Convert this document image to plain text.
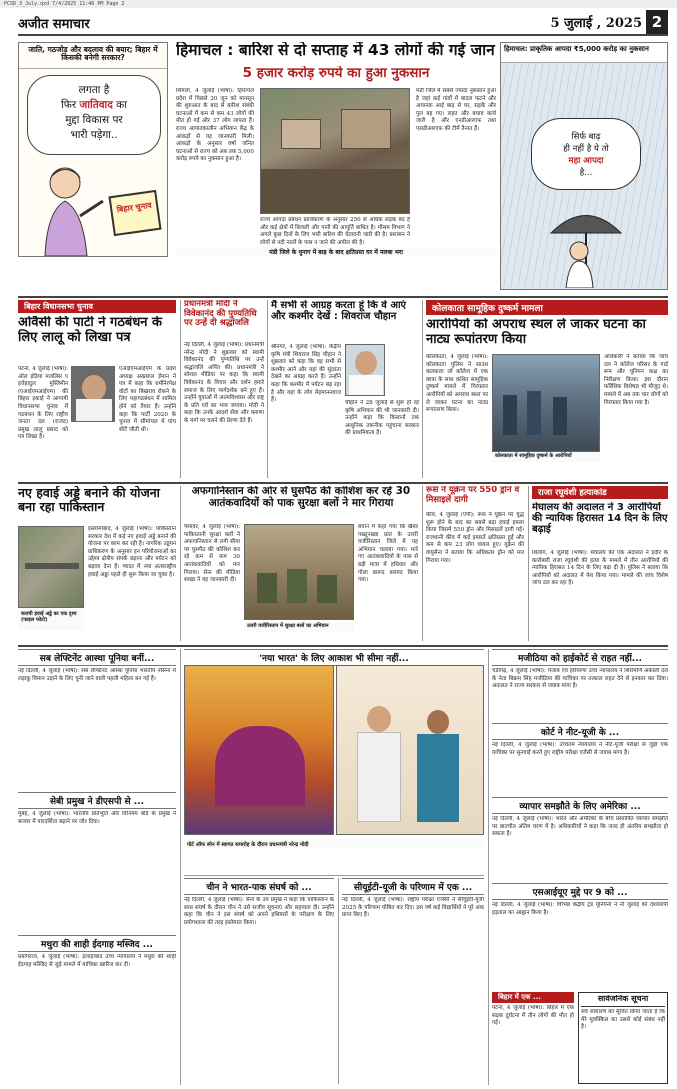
PCSD_3_July.qxd 7/4/2025 11:46 PM Page 2
अजीत समाचार	5 जुलाई , 2025 2
जाति, गठजोड़ और बदलाव की बयार; बिहार में किसकी बनेगी सरकार?
लगता है
फिर जातिवाद का
मुद्दा विकास पर
भारी पड़ेगा..
बिहार चुनाव
हिमाचल : बारिश से दो सप्ताह में 43 लोगों की गई जान
5 हजार करोड़ रुपये का हुआ नुकसान
शिमला, 4 जुलाई (भाषा): हिमाचल प्रदेश में पिछले 20 जून को मानसून की शुरुआत के बाद से बारिश संबंधी घटनाओं में कम से कम 43 लोगों की मौत हो गई और 37 लोग लापता हैं। राज्य आपातकालीन अभियान केंद्र के आंकड़ों से यह जानकारी मिली। आंकड़ों के अनुसार वर्षा जनित घटनाओं से राज्य को अब तक 5,000 करोड़ रुपये का नुकसान हुआ है।
मंडी जिले में सबसे ज्यादा नुकसान हुआ है जहां कई गांवों में बादल फटने और अचानक आई बाढ़ से घर, सड़कें और पुल बह गए। राहत और बचाव कार्य जारी है और एनडीआरएफ तथा एसडीआरएफ की टीमें तैनात हैं।
मंडी जिले के थुनाग में बाढ़ के बाद क्षतिग्रस्त घर में मलबा भरा
राज्य आपदा प्रबंधन प्राधिकरण के अनुसार 250 से अधिक सड़कें बंद हैं और कई क्षेत्रों में बिजली और पानी की आपूर्ति बाधित है। मौसम विभाग ने अगले कुछ दिनों के लिए भारी बारिश की चेतावनी जारी की है। प्रशासन ने लोगों से नदी नालों के पास न जाने की अपील की है।
हिमाचल: प्राकृतिक आपदा ₹5,000 करोड़ का नुकसान
सिर्फ बाढ़
ही नहीं है ये तो
महा आपदा
है...
बिहार विधानसभा चुनाव
ओवैसी की पार्टी ने गठबंधन के लिए लालू को लिखा पत्र
पटना, 4 जुलाई (भाषा): ऑल इंडिया मजलिस ए इत्तेहादुल मुस्लिमीन (एआईएमआईएम) की बिहार इकाई ने आगामी विधानसभा चुनाव में गठबंधन के लिए राष्ट्रीय जनता दल (राजद) प्रमुख लालू प्रसाद को पत्र लिखा है।
एआईएमआईएम के प्रदेश अध्यक्ष अख्तरुल ईमान ने पत्र में कहा कि धर्मनिरपेक्ष वोटों का बिखराव रोकने के लिए महागठबंधन में शामिल होने को तैयार हैं। उन्होंने कहा कि पार्टी 2020 के चुनाव में सीमांचल में पांच सीटें जीती थी।
प्रधानमंत्री मोदी ने विवेकानंद की पुण्यतिथि पर उन्हें दी श्रद्धांजलि
नई दिल्ली, 4 जुलाई (भाषा): प्रधानमंत्री नरेन्द्र मोदी ने शुक्रवार को स्वामी विवेकानंद की पुण्यतिथि पर उन्हें श्रद्धांजलि अर्पित की। प्रधानमंत्री ने सोशल मीडिया पर कहा कि स्वामी विवेकानंद के विचार और दर्शन हमारे समाज के लिए मार्गदर्शक बने हुए हैं। उन्होंने युवाओं में आत्मविश्वास और राष्ट्र के प्रति गर्व का भाव जगाया। मोदी ने कहा कि उनके आदर्श सेवा और करुणा के मार्ग पर चलने की प्रेरणा देते हैं।
मैं सभी से आग्रह करता हूं कि वे आएं और कश्मीर देखें : शिवराज चौहान
श्रीनगर, 4 जुलाई (भाषा): केंद्रीय कृषि मंत्री शिवराज सिंह चौहान ने शुक्रवार को कहा कि वह सभी से कश्मीर आने और यहां की सुंदरता देखने का आग्रह करते हैं। उन्होंने कहा कि कश्मीर में पर्यटन बढ़ रहा है और यहां के लोग मेहमाननवाज हैं।	चौहान ने 28 जुलाई से शुरू हो रहे कृषि अभियान की भी जानकारी दी। उन्होंने कहा कि किसानों तक आधुनिक तकनीक पहुंचाना सरकार की प्राथमिकता है।
कोलकाता सामूहिक दुष्कर्म मामला
आरोपियों को अपराध स्थल ले जाकर घटना का नाट्य रूपांतरण किया
कोलकाता, 4 जुलाई (भाषा): कोलकाता पुलिस ने साउथ कलकत्ता लॉ कॉलेज में एक छात्रा के साथ कथित सामूहिक दुष्कर्म मामले में गिरफ्तार आरोपियों को अपराध स्थल पर ले जाकर घटना का नाट्य रूपांतरण किया।
कोलकाता में सामूहिक दुष्कर्म के आरोपियों
अधिकारी ने बताया कि जांच दल ने कॉलेज परिसर के गार्ड रूम और यूनियन कक्ष का निरीक्षण किया। इस दौरान फॉरेंसिक विशेषज्ञ भी मौजूद थे। मामले में अब तक चार लोगों को गिरफ्तार किया गया है।
नए हवाई अड्डे बनाने की योजना बना रहा पाकिस्तान
कराची हवाई अड्डे का एक दृश्य (फाइल फोटो)
इस्लामाबाद, 4 जुलाई (भाषा): पाकिस्तान सरकार देश में कई नए हवाई अड्डे बनाने की योजना पर काम कर रही है। नागरिक उड्डयन प्राधिकरण के अनुसार इन परियोजनाओं का उद्देश्य क्षेत्रीय संपर्क बढ़ाना और पर्यटन को बढ़ावा देना है। ग्वादर में नया अंतरराष्ट्रीय हवाई अड्डा पहले ही शुरू किया जा चुका है।
अफगानिस्तान की ओर से घुसपैठ की कोशिश कर रहे 30 आतंकवादियों को पाक सुरक्षा बलों ने मार गिराया
पेशावर, 4 जुलाई (भाषा): पाकिस्तानी सुरक्षा बलों ने अफगानिस्तान से लगी सीमा पर घुसपैठ की कोशिश कर रहे कम से कम 30 आतंकवादियों को मार गिराया। सेना की मीडिया शाखा ने यह जानकारी दी।
उत्तरी वजीरिस्तान में सुरक्षा बलों का अभियान
बयान में कहा गया कि खैबर पख्तूनख्वा प्रांत के उत्तरी वजीरिस्तान जिले में यह अभियान चलाया गया। मारे गए आतंकवादियों के पास से बड़ी मात्रा में हथियार और गोला बारूद बरामद किया गया।
रूस ने यूक्रेन पर 550 ड्रोन व मिसाइलें दागी
कीव, 4 जुलाई (एपी): रूस ने यूक्रेन पर युद्ध शुरू होने के बाद का सबसे बड़ा हवाई हमला किया जिसमें 550 ड्रोन और मिसाइलें दागी गईं। राजधानी कीव में कई इमारतें क्षतिग्रस्त हुईं और कम से कम 23 लोग घायल हुए। यूक्रेन की वायुसेना ने बताया कि अधिकतर ड्रोन को मार गिराया गया।
राजा रघुवंशी हत्याकांड
मेघालय की अदालत ने 3 आरोपियों की न्यायिक हिरासत 14 दिन के लिए बढ़ाई
शिलांग, 4 जुलाई (भाषा): मेघालय की एक अदालत ने इंदौर के कारोबारी राजा रघुवंशी की हत्या के मामले में तीन आरोपियों की न्यायिक हिरासत 14 दिन के लिए बढ़ा दी है। पुलिस ने बताया कि आरोपियों को अदालत में पेश किया गया। मामले की जांच विशेष जांच दल कर रहा है।
सब लेफ्टिनेंट आस्था पूनिया बनीं...
नई दिल्ली, 4 जुलाई (भाषा): सब लेफ्टिनेंट आस्था पूनिया भारतीय नौसेना में लड़ाकू विमान उड़ाने के लिए चुनी जाने वाली पहली महिला बन गई हैं।
सेबी प्रमुख ने डीएसपी से ...
मुंबई, 4 जुलाई (भाषा): भारतीय प्रतिभूति और विनिमय बोर्ड के प्रमुख ने बाजार में पारदर्शिता बढ़ाने पर जोर दिया।
मथुरा की शाही ईदगाह मस्जिद ...
प्रयागराज, 4 जुलाई (भाषा): इलाहाबाद उच्च न्यायालय ने मथुरा की शाही ईदगाह मस्जिद से जुड़े मामले में याचिका खारिज कर दी।
'नया भारत' के लिए आकाश भी सीमा नहीं...
पोर्ट ऑफ स्पेन में स्वागत समारोह के दौरान प्रधानमंत्री नरेन्द्र मोदी
मजीठिया को हाईकोर्ट से राहत नहीं...
चंडीगढ़, 4 जुलाई (भाषा): पंजाब एवं हरियाणा उच्च न्यायालय ने शिरोमणि अकाली दल के नेता बिक्रम सिंह मजीठिया की याचिका पर तत्काल राहत देने से इनकार कर दिया। अदालत ने राज्य सरकार से जवाब मांगा है।
कोर्ट ने नीट-यूजी के ...
नई दिल्ली, 4 जुलाई (भाषा): उच्चतम न्यायालय ने नीट-यूजी परीक्षा से जुड़ी एक याचिका पर सुनवाई करते हुए राष्ट्रीय परीक्षा एजेंसी से जवाब मांगा है।
व्यापार समझौते के लिए अमेरिका ...
नई दिल्ली, 4 जुलाई (भाषा): भारत और अमेरिका के बीच प्रस्तावित व्यापार समझौते पर बातचीत अंतिम चरण में है। अधिकारियों ने कहा कि जल्द ही अंतरिम समझौता हो सकता है।
एसआईयूए मुद्दे पर 9 को ...
नई दिल्ली, 4 जुलाई (भाषा): विभिन्न केंद्रीय ट्रेड यूनियनों ने नौ जुलाई को देशव्यापी हड़ताल का आह्वान किया है।
चीन ने भारत-पाक संघर्ष को ...
नई दिल्ली, 4 जुलाई (भाषा): सेना के उप प्रमुख ने कहा कि पाकिस्तान के साथ संघर्ष के दौरान चीन ने उसे सजीव सूचनाएं और सहायता दी। उन्होंने कहा कि चीन ने इस संघर्ष को अपने हथियारों के परीक्षण के लिए प्रयोगशाला की तरह इस्तेमाल किया।
सीयूईटी-यूजी के परिणाम में एक ...
नई दिल्ली, 4 जुलाई (भाषा): राष्ट्रीय परीक्षा एजेंसी ने सीयूईटी-यूजी 2025 के परिणाम घोषित कर दिए। इस वर्ष कई विद्यार्थियों ने पूरे अंक प्राप्त किए हैं।
बिहार में एक ...
पटना, 4 जुलाई (भाषा): बिहार में एक सड़क दुर्घटना में तीन लोगों की मौत हो गई।
सार्वजनिक सूचना
सर्व साधारण को सूचित किया जाता है कि मेरे मुवक्किल का उससे कोई संबंध नहीं है।
